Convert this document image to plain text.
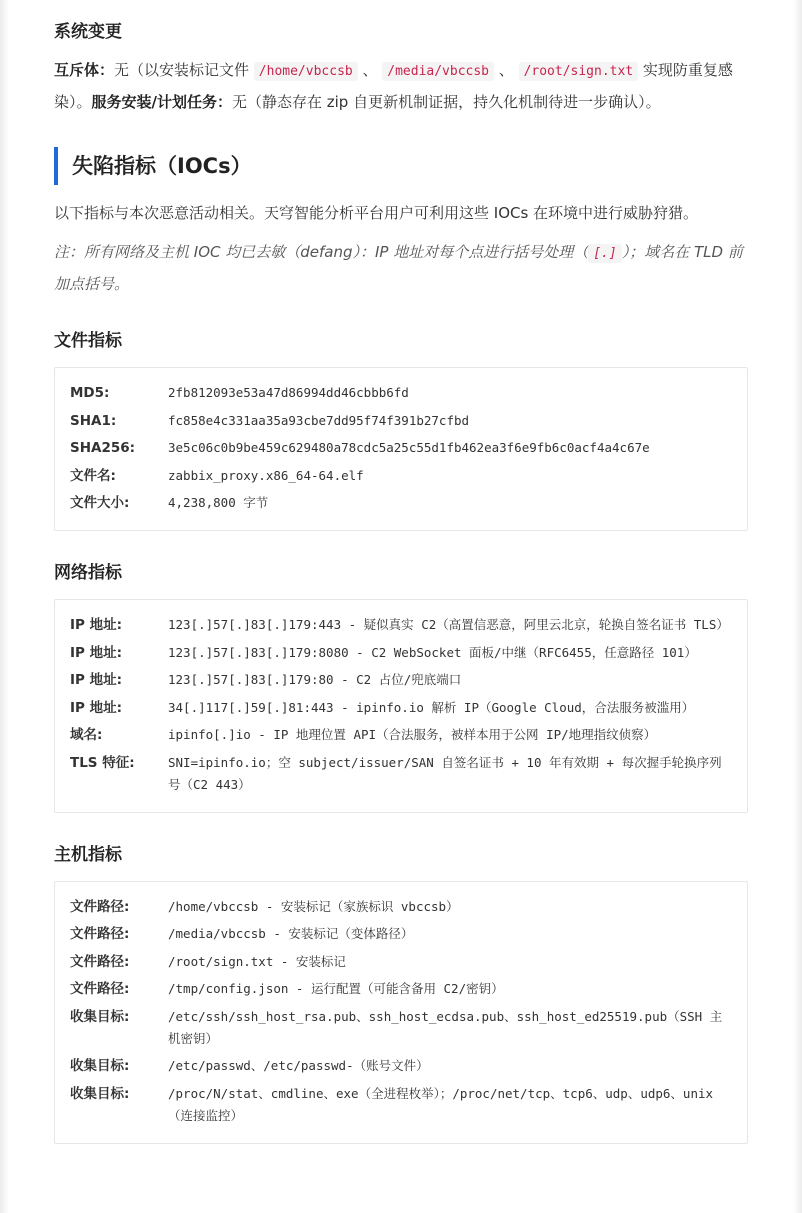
系统变更

互斥体：无（以安装标记文件 /home/vbccsb 、 /media/vbccsb 、 /root/sign.txt 实现防重复感染）。服务安装/计划任务：无（静态存在 zip 自更新机制证据，持久化机制待进一步确认）。

失陷指标（IOCs）

以下指标与本次恶意活动相关。天穹智能分析平台用户可利用这些 IOCs 在环境中进行威胁狩猎。

注：所有网络及主机 IOC 均已去敏（defang）：IP 地址对每个点进行括号处理（ [.] ）；域名在 TLD 前加点括号。

文件指标
MD5:	2fb812093e53a47d86994dd46cbbb6fd
SHA1:	fc858e4c331aa35a93cbe7dd95f74f391b27cfbd
SHA256:	3e5c06c0b9be459c629480a78cdc5a25c55d1fb462ea3f6e9fb6c0acf4a4c67e
文件名:	zabbix_proxy.x86_64-64.elf
文件大小:	4,238,800 字节
网络指标
IP 地址:	123[.]57[.]83[.]179:443 - 疑似真实 C2（高置信恶意，阿里云北京，轮换自签名证书 TLS）
IP 地址:	123[.]57[.]83[.]179:8080 - C2 WebSocket 面板/中继（RFC6455，任意路径 101）
IP 地址:	123[.]57[.]83[.]179:80 - C2 占位/兜底端口
IP 地址:	34[.]117[.]59[.]81:443 - ipinfo.io 解析 IP（Google Cloud，合法服务被滥用）
域名:	ipinfo[.]io - IP 地理位置 API（合法服务，被样本用于公网 IP/地理指纹侦察）
TLS 特征:	SNI=ipinfo.io；空 subject/issuer/SAN 自签名证书 + 10 年有效期 + 每次握手轮换序列号（C2 443）
主机指标
文件路径:	/home/vbccsb - 安装标记（家族标识 vbccsb）
文件路径:	/media/vbccsb - 安装标记（变体路径）
文件路径:	/root/sign.txt - 安装标记
文件路径:	/tmp/config.json - 运行配置（可能含备用 C2/密钥）
收集目标:	/etc/ssh/ssh_host_rsa.pub、ssh_host_ecdsa.pub、ssh_host_ed25519.pub（SSH 主机密钥）
收集目标:	/etc/passwd、/etc/passwd-（账号文件）
收集目标:	/proc/N/stat、cmdline、exe（全进程枚举）；/proc/net/tcp、tcp6、udp、udp6、unix（连接监控）
